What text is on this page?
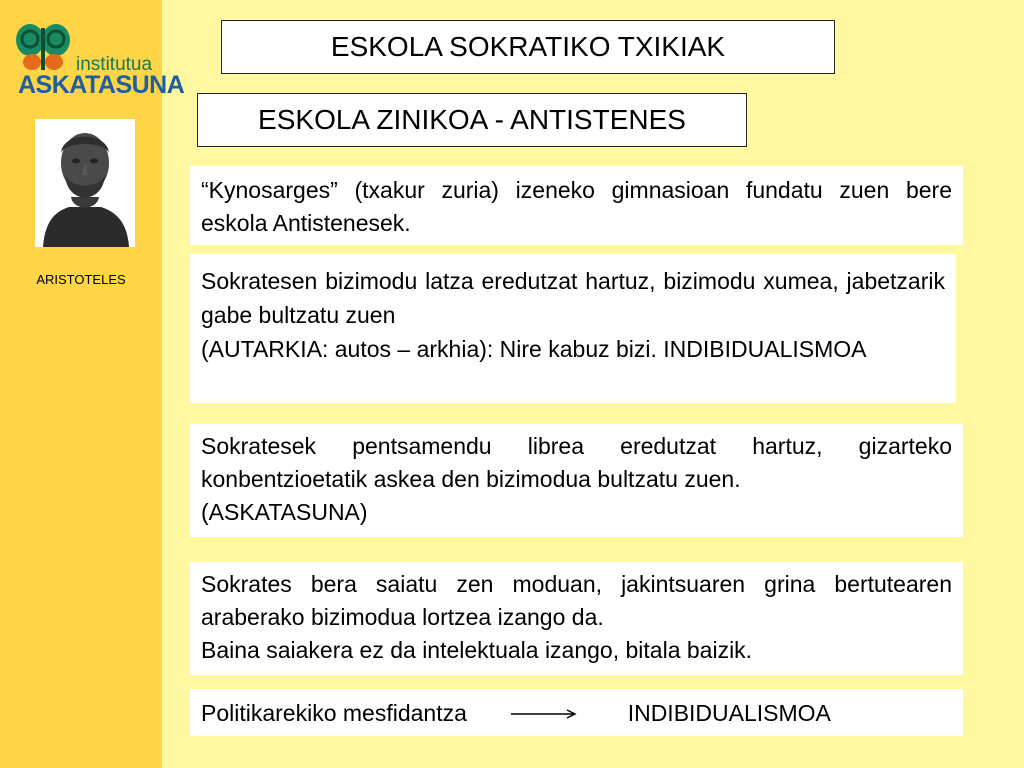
institutua
ASKATASUNA
ARISTOTELES
ESKOLA SOKRATIKO TXIKIAK
ESKOLA ZINIKOA - ANTISTENES

“Kynosarges” (txakur zuria) izeneko gimnasioan fundatu zuen bere eskola Antistenesek.

Sokratesen bizimodu latza eredutzat hartuz, bizimodu xumea, jabetzarik gabe bultzatu zuen

(AUTARKIA: autos – arkhia): Nire kabuz bizi. INDIBIDUALISMOA

Sokratesek pentsamendu librea eredutzat hartuz, gizarteko konbentzioetatik askea den bizimodua bultzatu zuen.

(ASKATASUNA)

Sokrates bera saiatu zen moduan, jakintsuaren grina bertutearen araberako bizimodua lortzea izango da.

Baina saiakera ez da intelektuala izango, bitala baizik.

Politikarekiko mesfidantza	INDIBIDUALISMOA
